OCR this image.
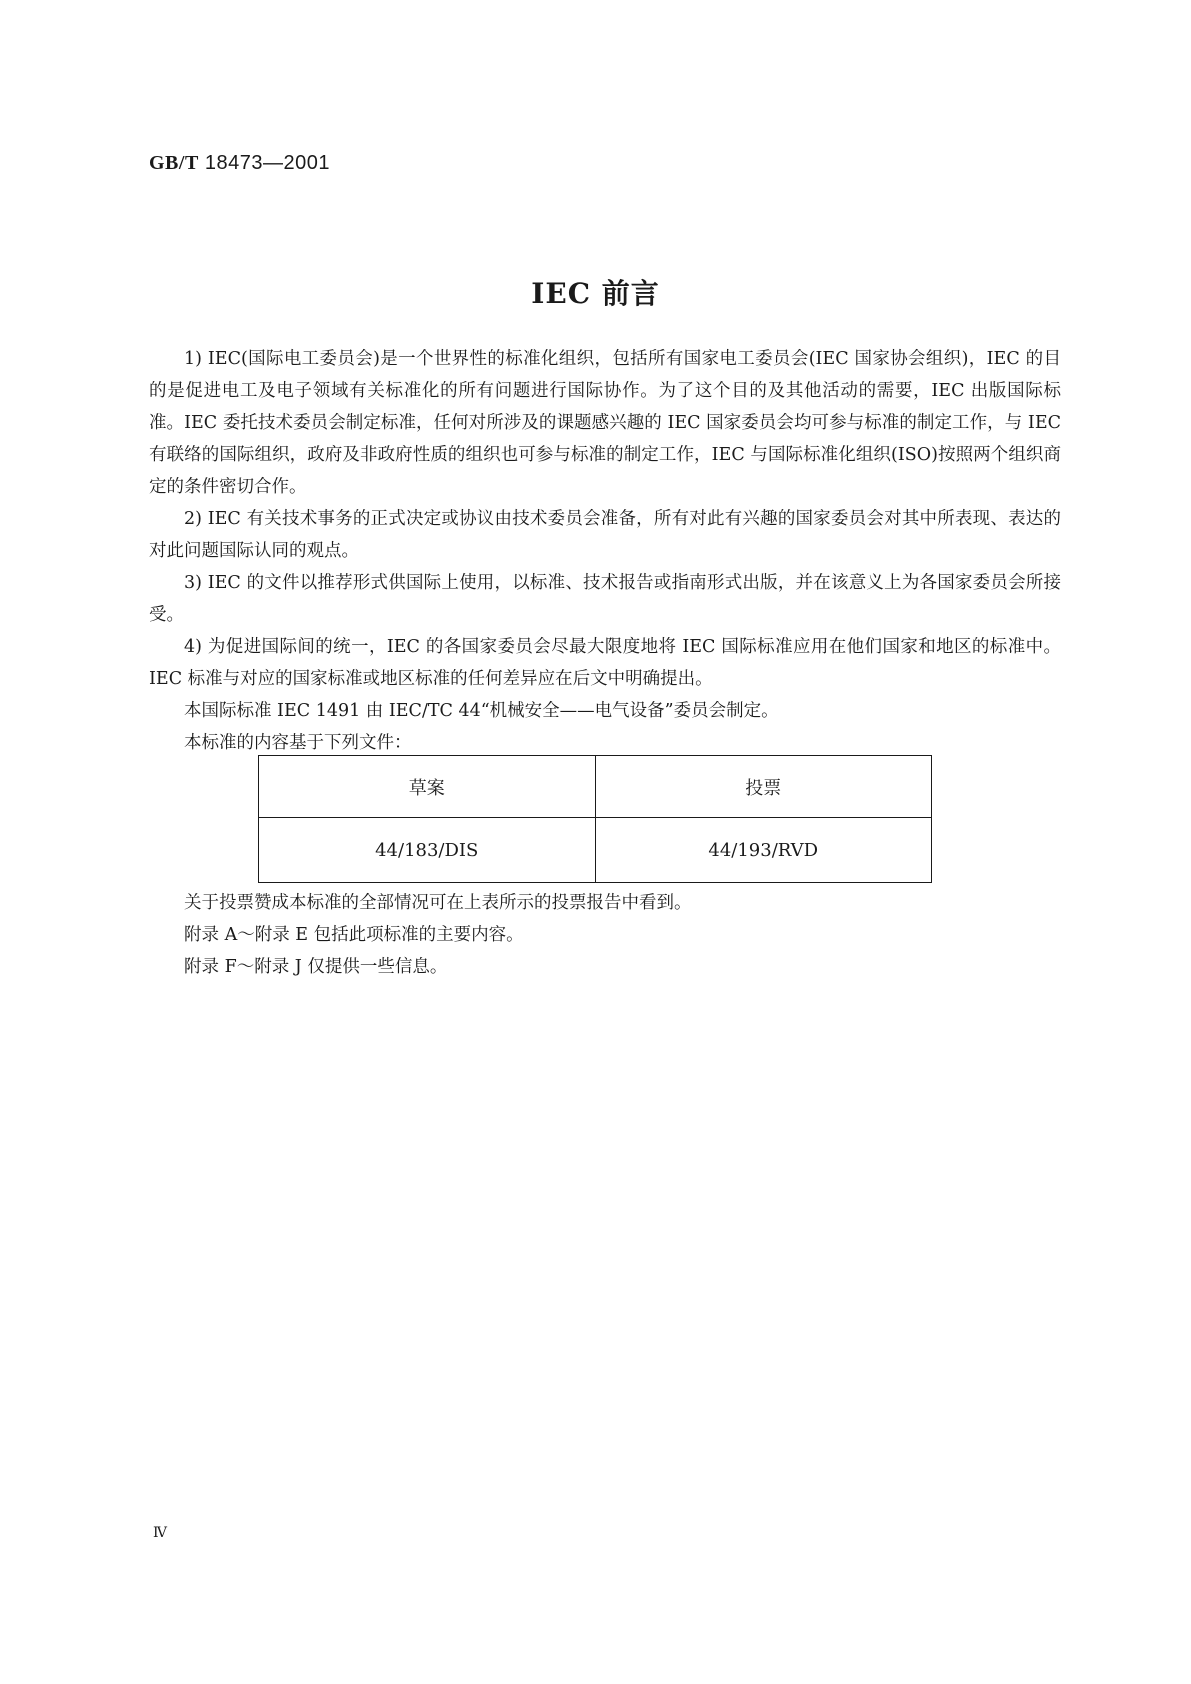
GB/T 18473—2001
IEC 前言

1) IEC(国际电工委员会)是一个世界性的标准化组织，包括所有国家电工委员会(IEC 国家协会组织)，IEC 的目的是促进电工及电子领域有关标准化的所有问题进行国际协作。为了这个目的及其他活动的需要，IEC 出版国际标准。IEC 委托技术委员会制定标准，任何对所涉及的课题感兴趣的 IEC 国家委员会均可参与标准的制定工作，与 IEC 有联络的国际组织，政府及非政府性质的组织也可参与标准的制定工作，IEC 与国际标准化组织(ISO)按照两个组织商定的条件密切合作。

2) IEC 有关技术事务的正式决定或协议由技术委员会准备，所有对此有兴趣的国家委员会对其中所表现、表达的对此问题国际认同的观点。

3) IEC 的文件以推荐形式供国际上使用，以标准、技术报告或指南形式出版，并在该意义上为各国家委员会所接受。

4) 为促进国际间的统一，IEC 的各国家委员会尽最大限度地将 IEC 国际标准应用在他们国家和地区的标准中。IEC 标准与对应的国家标准或地区标准的任何差异应在后文中明确提出。

本国际标准 IEC 1491 由 IEC/TC 44“机械安全——电气设备”委员会制定。

本标准的内容基于下列文件：

草案	投票
44/183/DIS	44/193/RVD

关于投票赞成本标准的全部情况可在上表所示的投票报告中看到。

附录 A～附录 E 包括此项标准的主要内容。

附录 F～附录 J 仅提供一些信息。

Ⅳ
